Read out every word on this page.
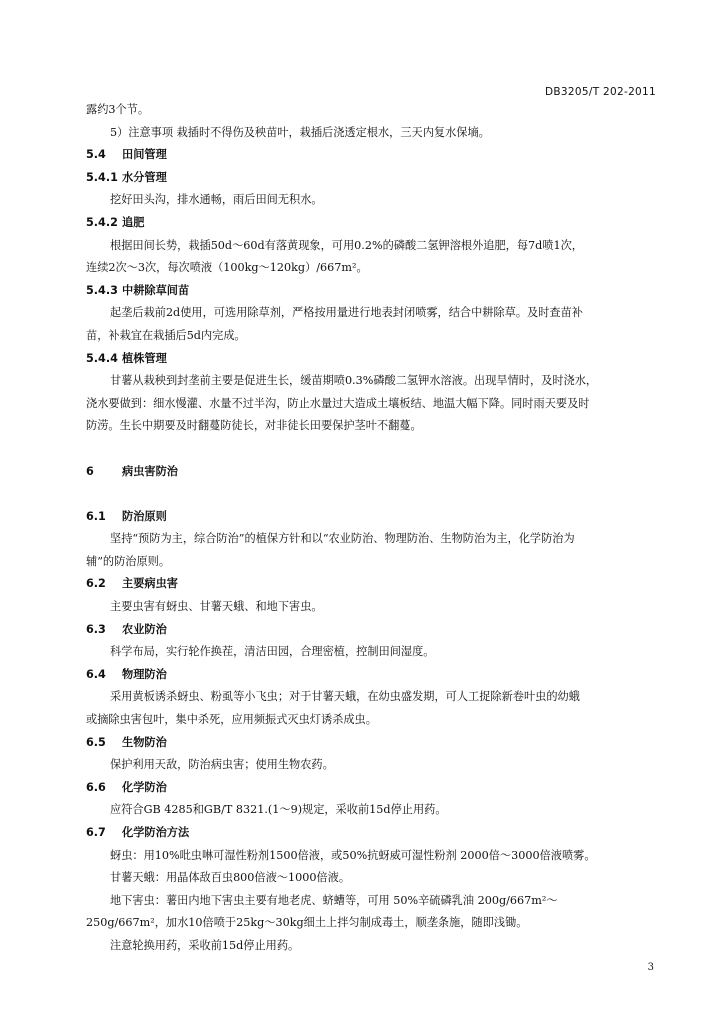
DB3205/T 202-2011
露约3个节。
5）注意事项 栽插时不得伤及秧苗叶，栽插后浇透定根水，三天内复水保墒。
5.4 田间管理
5.4.1 水分管理
挖好田头沟，排水通畅，雨后田间无积水。
5.4.2 追肥
根据田间长势，栽插50d～60d有落黄现象，可用0.2%的磷酸二氢钾溶根外追肥，每7d喷1次，
连续2次～3次，每次喷液（100kg～120kg）/667m²。
5.4.3 中耕除草间苗
起垄后栽前2d使用，可选用除草剂，严格按用量进行地表封闭喷雾，结合中耕除草。及时查苗补
苗，补栽宜在栽插后5d内完成。
5.4.4 植株管理
甘薯从栽秧到封垄前主要是促进生长，缓苗期喷0.3%磷酸二氢钾水溶液。出现旱情时，及时浇水，
浇水要做到：细水慢灌、水量不过半沟，防止水量过大造成土壤板结、地温大幅下降。同时雨天要及时
防涝。生长中期要及时翻蔓防徒长，对非徒长田要保护茎叶不翻蔓。
6	病虫害防治
6.1 防治原则
坚持“预防为主，综合防治”的植保方针和以“农业防治、物理防治、生物防治为主，化学防治为
辅”的防治原则。
6.2 主要病虫害
主要虫害有蚜虫、甘薯天蛾、和地下害虫。
6.3 农业防治
科学布局，实行轮作换茬，清洁田园，合理密植，控制田间湿度。
6.4 物理防治
采用黄板诱杀蚜虫、粉虱等小飞虫；对于甘薯天蛾，在幼虫盛发期，可人工捉除新卷叶虫的幼蛾
或摘除虫害包叶，集中杀死，应用频振式灭虫灯诱杀成虫。
6.5 生物防治
保护利用天敌，防治病虫害；使用生物农药。
6.6 化学防治
应符合GB 4285和GB/T 8321.(1～9)规定，采收前15d停止用药。
6.7 化学防治方法
蚜虫：用10%吡虫啉可湿性粉剂1500倍液，或50%抗蚜威可湿性粉剂 2000倍～3000倍液喷雾。
甘薯天蛾：用晶体敌百虫800倍液～1000倍液。
地下害虫：薯田内地下害虫主要有地老虎、蛴螬等，可用 50%辛硫磷乳油 200g/667m²～
250g/667m²，加水10倍喷于25kg～30kg细土上拌匀制成毒土，顺垄条施，随即浅锄。
注意轮换用药，采收前15d停止用药。
3
